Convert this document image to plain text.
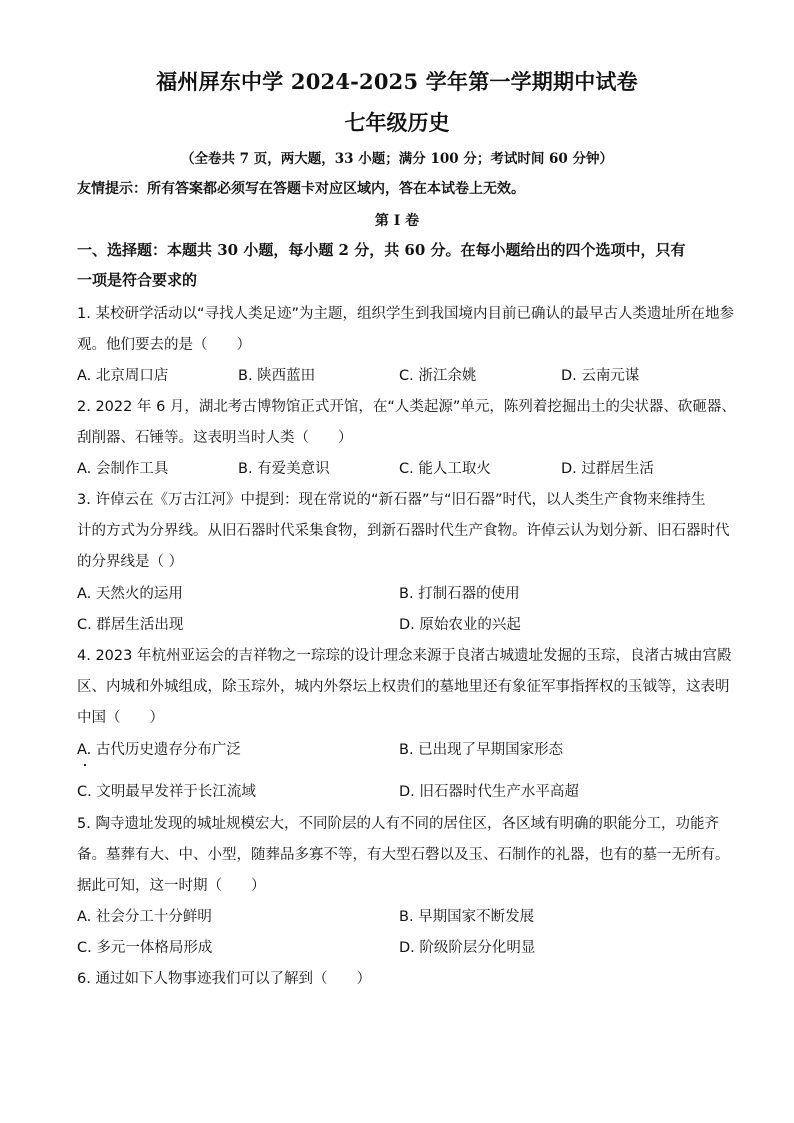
福州屏东中学 2024-2025 学年第一学期期中试卷
七年级历史
（全卷共 7 页，两大题，33 小题；满分 100 分；考试时间 60 分钟）
友情提示：所有答案都必须写在答题卡对应区域内，答在本试卷上无效。
第 I 卷
一、选择题：本题共 30 小题，每小题 2 分，共 60 分。在每小题给出的四个选项中，只有
一项是符合要求的
1. 某校研学活动以“寻找人类足迹”为主题，组织学生到我国境内目前已确认的最早古人类遗址所在地参
观。他们要去的是（　　）
A. 北京周口店	B. 陕西蓝田	C. 浙江余姚	D. 云南元谋
2. 2022 年 6 月，湖北考古博物馆正式开馆，在“人类起源”单元，陈列着挖掘出土的尖状器、砍砸器、
刮削器、石锤等。这表明当时人类（　　）
A. 会制作工具	B. 有爱美意识	C. 能人工取火	D. 过群居生活
3. 许倬云在《万古江河》中提到：现在常说的“新石器”与“旧石器”时代，以人类生产食物来维持生
计的方式为分界线。从旧石器时代采集食物，到新石器时代生产食物。许倬云认为划分新、旧石器时代
的分界线是（ ）
A. 天然火的运用	B. 打制石器的使用
C. 群居生活出现	D. 原始农业的兴起
4. 2023 年杭州亚运会的吉祥物之一琮琮的设计理念来源于良渚古城遗址发掘的玉琮，良渚古城由宫殿
区、内城和外城组成，除玉琮外，城内外祭坛上权贵们的墓地里还有象征军事指挥权的玉钺等，这表明
中国（　　）
A. 古代历史遗存分布广泛	B. 已出现了早期国家形态
C. 文明最早发祥于长江流域	D. 旧石器时代生产水平高超
5. 陶寺遗址发现的城址规模宏大，不同阶层的人有不同的居住区，各区域有明确的职能分工，功能齐
备。墓葬有大、中、小型，随葬品多寡不等，有大型石磬以及玉、石制作的礼器，也有的墓一无所有。
据此可知，这一时期（　　）
A. 社会分工十分鲜明	B. 早期国家不断发展
C. 多元一体格局形成	D. 阶级阶层分化明显
6. 通过如下人物事迹我们可以了解到（　　）
